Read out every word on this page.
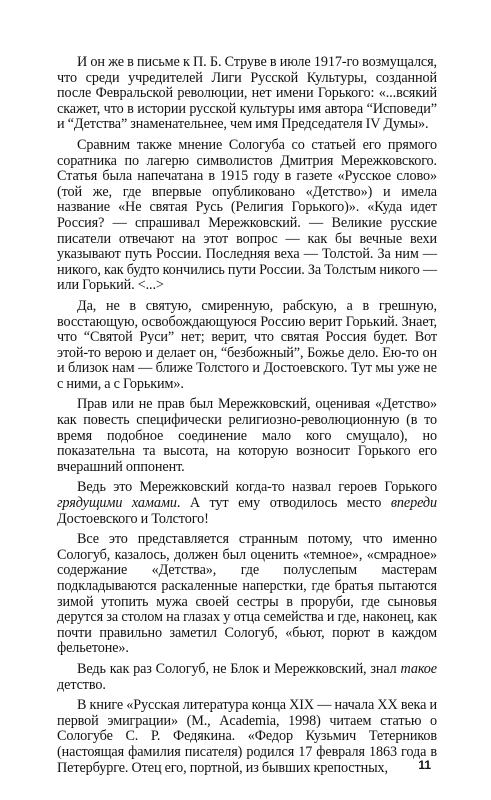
И он же в письме к П. Б. Струве в июле 1917-го возмущался, что среди учредителей Лиги Русской Культуры, созданной после Февральской революции, нет имени Горького: «...всякий скажет, что в истории русской культуры имя автора “Исповеди” и “Детства” знаменательнее, чем имя Председателя IV Думы».

Сравним также мнение Сологуба со статьей его прямого соратника по лагерю символистов Дмитрия Мережковского. Статья была напечатана в 1915 году в газете «Русское слово» (той же, где впервые опубликовано «Детство») и имела название «Не святая Русь (Религия Горького)». «Куда идет Россия? — спрашивал Мережковский. — Великие русские писатели отвечают на этот вопрос — как бы вечные вехи указывают путь России. Последняя веха — Толстой. За ним — никого, как будто кончились пути России. За Толстым никого — или Горький. <...>

Да, не в святую, смиренную, рабскую, а в грешную, восстающую, освобождающуюся Россию верит Горький. Знает, что “Святой Руси” нет; верит, что святая Россия будет. Вот этой-то верою и делает он, “безбожный”, Божье дело. Ею-то он и близок нам — ближе Толстого и Достоевского. Тут мы уже не с ними, а с Горьким».

Прав или не прав был Мережковский, оценивая «Детство» как повесть специфически религиозно-революционную (в то время подобное соединение мало кого смущало), но показательна та высота, на которую возносит Горького его вчерашний оппонент.

Ведь это Мережковский когда-то назвал героев Горького грядущими хамами. А тут ему отводилось место впереди Достоевского и Толстого!

Все это представляется странным потому, что именно Сологуб, казалось, должен был оценить «темное», «смрадное» содержание «Детства», где полуслепым мастерам подкладываются раскаленные наперстки, где братья пытаются зимой утопить мужа своей сестры в проруби, где сыновья дерутся за столом на глазах у отца семейства и где, наконец, как почти правильно заметил Сологуб, «бьют, порют в каждом фельетоне».

Ведь как раз Сологуб, не Блок и Мережковский, знал такое детство.

В книге «Русская литература конца XIX — начала XX века и первой эмиграции» (М., Academia, 1998) читаем статью о Сологубе С. Р. Федякина. «Федор Кузьмич Тетерников (настоящая фамилия писателя) родился 17 февраля 1863 года в Петербурге. Отец его, портной, из бывших крепостных,	11
